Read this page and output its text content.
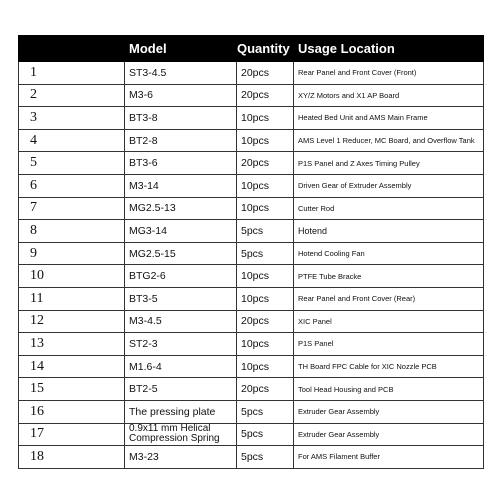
	Model	Quantity	Usage Location
1	ST3-4.5	20pcs	Rear Panel and Front Cover (Front)
2	M3-6	20pcs	XY/Z Motors and X1 AP Board
3	BT3-8	10pcs	Heated Bed Unit and AMS Main Frame
4	BT2-8	10pcs	AMS Level 1 Reducer, MC Board, and Overflow Tank
5	BT3-6	20pcs	P1S Panel and Z Axes Timing Pulley
6	M3-14	10pcs	Driven Gear of Extruder Assembly
7	MG2.5-13	10pcs	Cutter Rod
8	MG3-14	5pcs	Hotend
9	MG2.5-15	5pcs	Hotend Cooling Fan
10	BTG2-6	10pcs	PTFE Tube Bracke
11	BT3-5	10pcs	Rear Panel and Front Cover (Rear)
12	M3-4.5	20pcs	XIC Panel
13	ST2-3	10pcs	P1S Panel
14	M1.6-4	10pcs	TH Board FPC Cable for XIC Nozzle PCB
15	BT2-5	20pcs	Tool Head Housing and PCB
16	The pressing plate	5pcs	Extruder Gear Assembly
17	0.9x11 mm Helical Compression Spring	5pcs	Extruder Gear Assembly
18	M3-23	5pcs	For AMS Filament Buffer
